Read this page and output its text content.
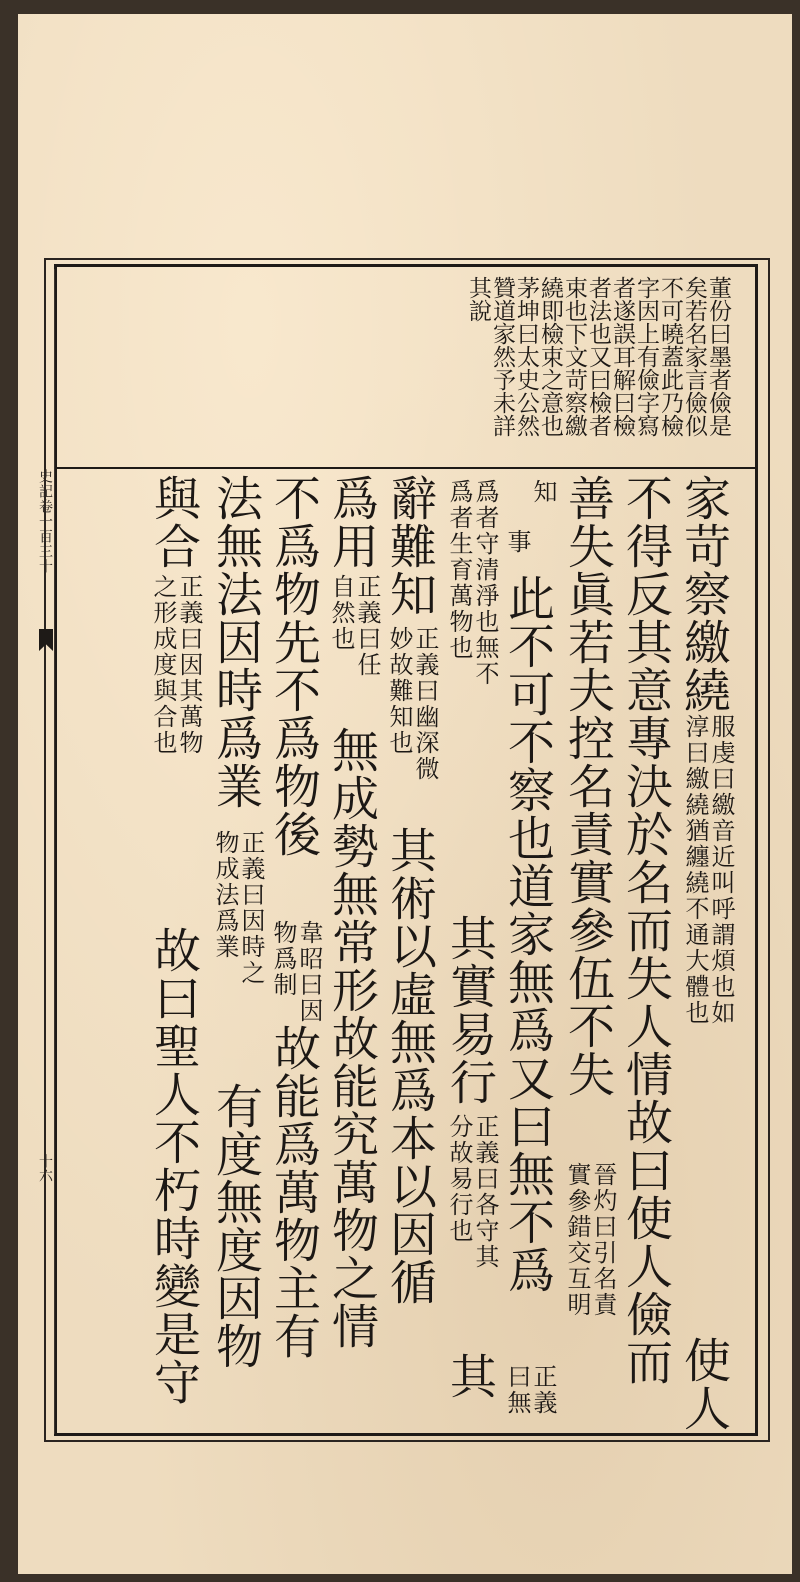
史記卷一百三十
十六
董份曰墨者儉是
矣若名家言儉似
不可曉蓋此乃檢
字因上有儉字寫
者遂誤耳解曰檢
者法也又曰檢者
束也下文苛察繳
繞即檢束之意也
茅坤曰太史公然
贊道家然予未詳
其說
家苛察繳繞
服虔曰繳音近叫呼謂煩也如
淳曰繳繞猶纏繞不通大體也
使人
不得反其意專決於名而失人情故曰使人儉而
善失眞若夫控名責實參伍不失
晉灼曰引名責
實參錯交互明
知
事
此不可不察也道家無爲又曰無不爲
正義
曰無
爲者守清淨也無不
爲者生育萬物也
其實易行
正義曰各守其
分故易行也
其
辭難知
正義曰幽深微
妙故難知也
其術以虛無爲本以因循
爲用
正義曰任
自然也
無成勢無常形故能究萬物之情
不爲物先不爲物後
韋昭曰因
物爲制
故能爲萬物主有
法無法因時爲業
正義曰因時之
物成法爲業
有度無度因物
與合
正義曰因其萬物
之形成度與合也
故曰聖人不朽時變是守
